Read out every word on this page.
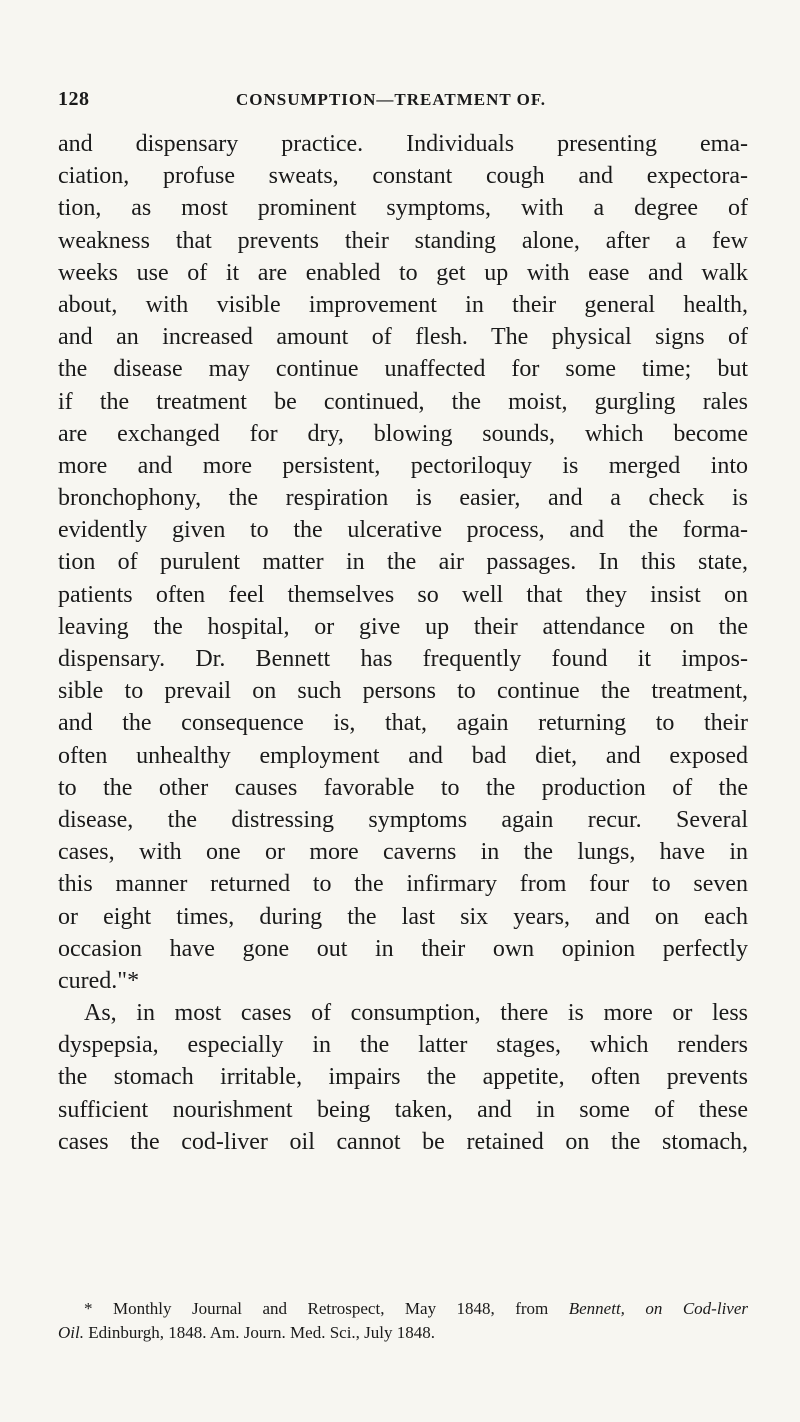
128	CONSUMPTION—TREATMENT OF.
and dispensary practice. Individuals presenting ema-
ciation, profuse sweats, constant cough and expectora-
tion, as most prominent symptoms, with a degree of
weakness that prevents their standing alone, after a few
weeks use of it are enabled to get up with ease and walk
about, with visible improvement in their general health,
and an increased amount of flesh. The physical signs of
the disease may continue unaffected for some time; but
if the treatment be continued, the moist, gurgling rales
are exchanged for dry, blowing sounds, which become
more and more persistent, pectoriloquy is merged into
bronchophony, the respiration is easier, and a check is
evidently given to the ulcerative process, and the forma-
tion of purulent matter in the air passages. In this state,
patients often feel themselves so well that they insist on
leaving the hospital, or give up their attendance on the
dispensary. Dr. Bennett has frequently found it impos-
sible to prevail on such persons to continue the treatment,
and the consequence is, that, again returning to their
often unhealthy employment and bad diet, and exposed
to the other causes favorable to the production of the
disease, the distressing symptoms again recur. Several
cases, with one or more caverns in the lungs, have in
this manner returned to the infirmary from four to seven
or eight times, during the last six years, and on each
occasion have gone out in their own opinion perfectly
cured."*
As, in most cases of consumption, there is more or less
dyspepsia, especially in the latter stages, which renders
the stomach irritable, impairs the appetite, often prevents
sufficient nourishment being taken, and in some of these
cases the cod-liver oil cannot be retained on the stomach,
* Monthly Journal and Retrospect, May 1848, from Bennett, on Cod-liver
Oil. Edinburgh, 1848. Am. Journ. Med. Sci., July 1848.
